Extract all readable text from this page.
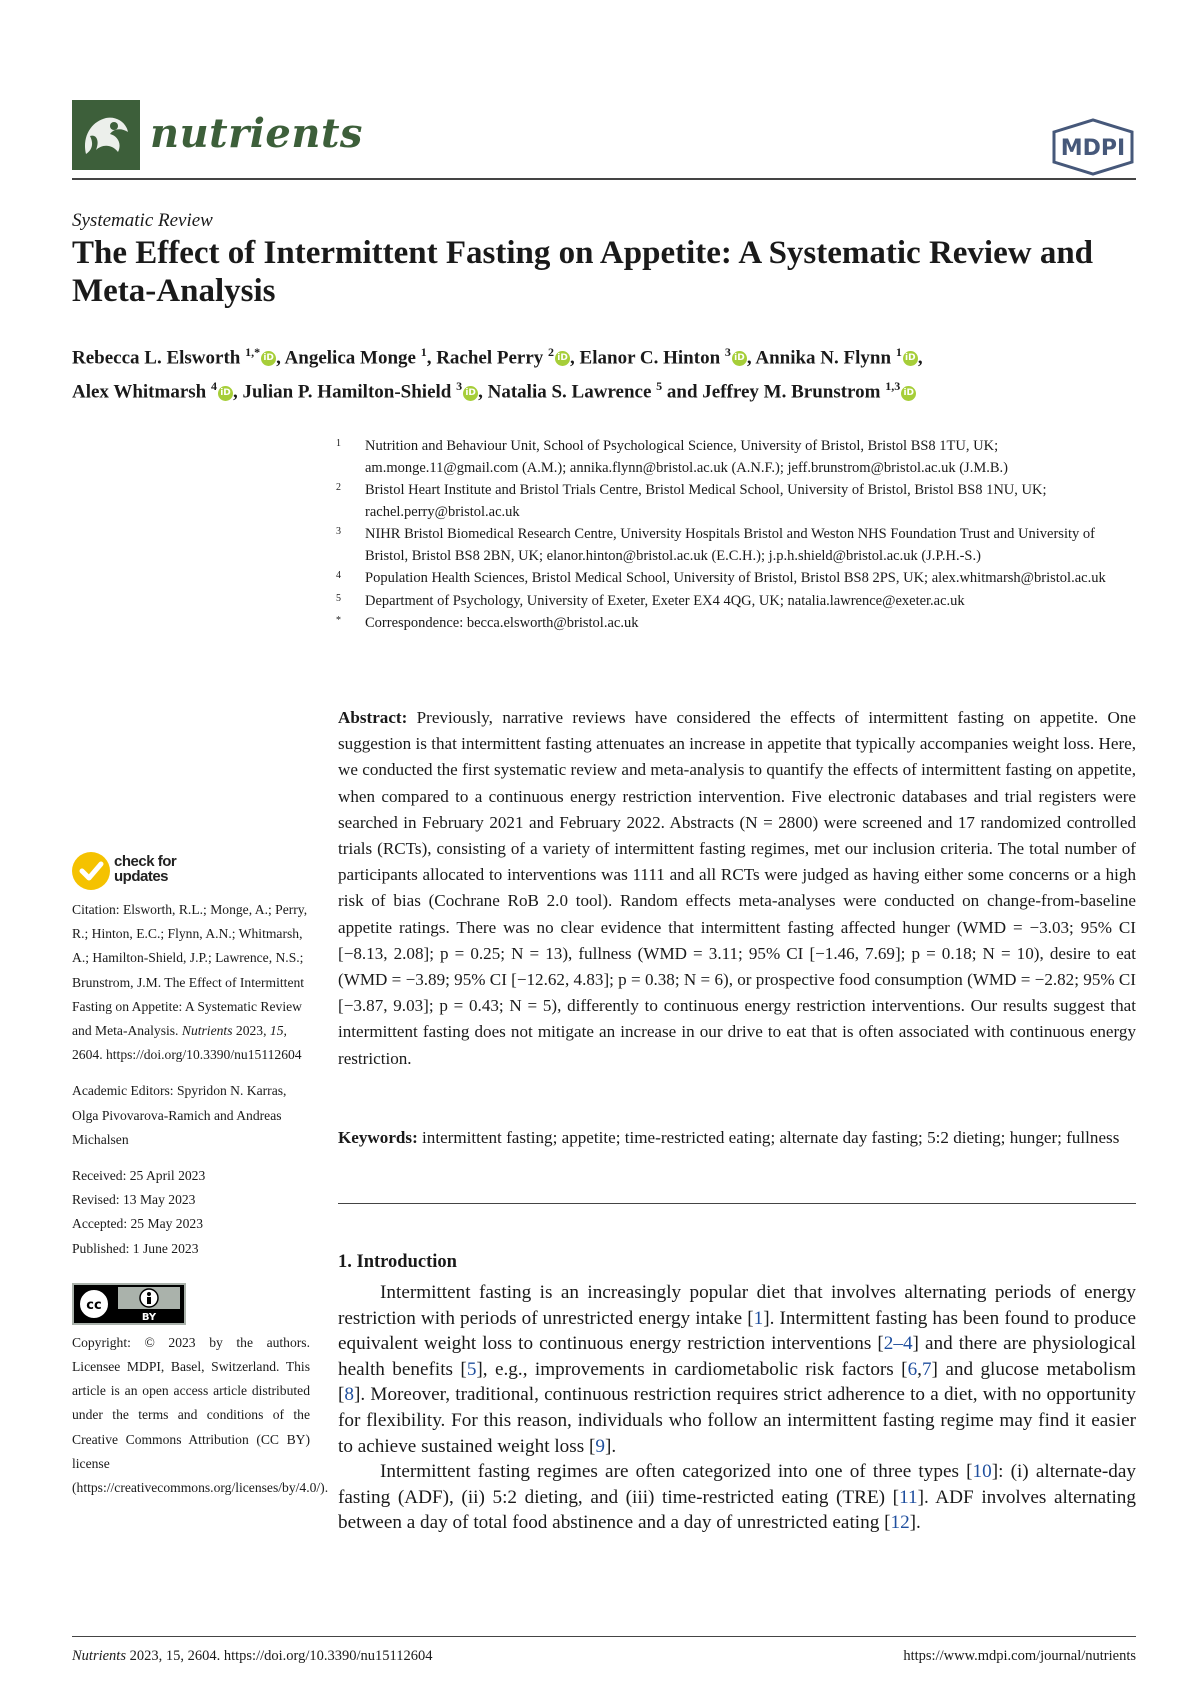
nutrients	MDPI
Systematic Review
The Effect of Intermittent Fasting on Appetite: A Systematic Review and Meta-Analysis
Rebecca L. Elsworth $^{1,*}$ iD , Angelica Monge $^1$, Rachel Perry $^2$ iD , Elanor C. Hinton $^3$ iD , Annika N. Flynn $^1$ iD ,
Alex Whitmarsh $^4$ iD , Julian P. Hamilton-Shield $^3$ iD , Natalia S. Lawrence $^5$ and Jeffrey M. Brunstrom $^{1,3}$ iD
1	Nutrition and Behaviour Unit, School of Psychological Science, University of Bristol, Bristol BS8 1TU, UK; am.monge.11@gmail.com (A.M.); annika.flynn@bristol.ac.uk (A.N.F.); jeff.brunstrom@bristol.ac.uk (J.M.B.)
2	Bristol Heart Institute and Bristol Trials Centre, Bristol Medical School, University of Bristol, Bristol BS8 1NU, UK; rachel.perry@bristol.ac.uk
3	NIHR Bristol Biomedical Research Centre, University Hospitals Bristol and Weston NHS Foundation Trust and University of Bristol, Bristol BS8 2BN, UK; elanor.hinton@bristol.ac.uk (E.C.H.); j.p.h.shield@bristol.ac.uk (J.P.H.-S.)
4	Population Health Sciences, Bristol Medical School, University of Bristol, Bristol BS8 2PS, UK; alex.whitmarsh@bristol.ac.uk
5	Department of Psychology, University of Exeter, Exeter EX4 4QG, UK; natalia.lawrence@exeter.ac.uk
*	Correspondence: becca.elsworth@bristol.ac.uk
Abstract: Previously, narrative reviews have considered the effects of intermittent fasting on appetite. One suggestion is that intermittent fasting attenuates an increase in appetite that typically accompanies weight loss. Here, we conducted the first systematic review and meta-analysis to quantify the effects of intermittent fasting on appetite, when compared to a continuous energy restriction intervention. Five electronic databases and trial registers were searched in February 2021 and February 2022. Abstracts (N = 2800) were screened and 17 randomized controlled trials (RCTs), consisting of a variety of intermittent fasting regimes, met our inclusion criteria. The total number of participants allocated to interventions was 1111 and all RCTs were judged as having either some concerns or a high risk of bias (Cochrane RoB 2.0 tool). Random effects meta-analyses were conducted on change-from-baseline appetite ratings. There was no clear evidence that intermittent fasting affected hunger (WMD = −3.03; 95% CI [−8.13, 2.08]; p = 0.25; N = 13), fullness (WMD = 3.11; 95% CI [−1.46, 7.69]; p = 0.18; N = 10), desire to eat (WMD = −3.89; 95% CI [−12.62, 4.83]; p = 0.38; N = 6), or prospective food consumption (WMD = −2.82; 95% CI [−3.87, 9.03]; p = 0.43; N = 5), differently to continuous energy restriction interventions. Our results suggest that intermittent fasting does not mitigate an increase in our drive to eat that is often associated with continuous energy restriction.
Keywords: intermittent fasting; appetite; time-restricted eating; alternate day fasting; 5:2 dieting; hunger; fullness
1. Introduction

Intermittent fasting is an increasingly popular diet that involves alternating periods of energy restriction with periods of unrestricted energy intake [1]. Intermittent fasting has been found to produce equivalent weight loss to continuous energy restriction interventions [2–4] and there are physiological health benefits [5], e.g., improvements in cardiometabolic risk factors [6,7] and glucose metabolism [8]. Moreover, traditional, continuous restriction requires strict adherence to a diet, with no opportunity for flexibility. For this reason, individuals who follow an intermittent fasting regime may find it easier to achieve sustained weight loss [9].

Intermittent fasting regimes are often categorized into one of three types [10]: (i) alternate-day fasting (ADF), (ii) 5:2 dieting, and (iii) time-restricted eating (TRE) [11]. ADF involves alternating between a day of total food abstinence and a day of unrestricted eating [12].

check for
updates
Citation: Elsworth, R.L.; Monge, A.; Perry, R.; Hinton, E.C.; Flynn, A.N.; Whitmarsh, A.; Hamilton-Shield, J.P.; Lawrence, N.S.; Brunstrom, J.M. The Effect of Intermittent Fasting on Appetite: A Systematic Review and Meta-Analysis. Nutrients 2023, 15, 2604. https://doi.org/10.3390/nu15112604
Academic Editors: Spyridon N. Karras, Olga Pivovarova-Ramich and Andreas Michalsen
Received: 25 April 2023
Revised: 13 May 2023
Accepted: 25 May 2023
Published: 1 June 2023
cc
BY
Copyright: © 2023 by the authors. Licensee MDPI, Basel, Switzerland. This article is an open access article distributed under the terms and conditions of the Creative Commons Attribution (CC BY) license (https://creativecommons.org/licenses/by/4.0/).
Nutrients 2023, 15, 2604. https://doi.org/10.3390/nu15112604	https://www.mdpi.com/journal/nutrients
